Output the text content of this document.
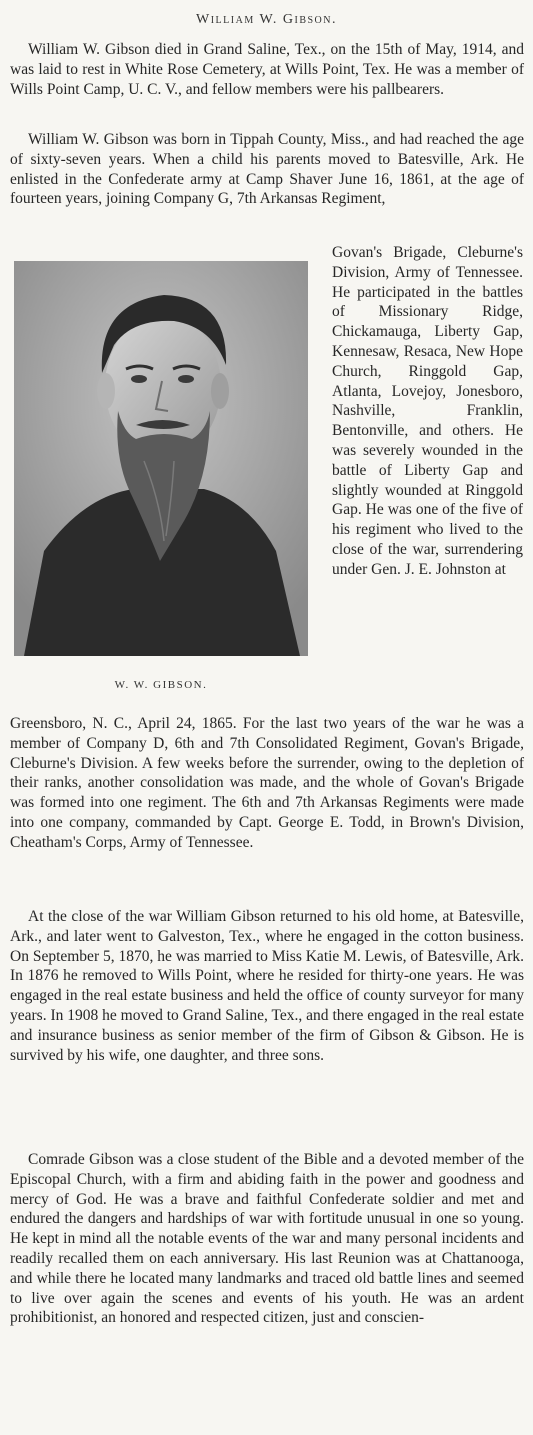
William W. Gibson.

William W. Gibson died in Grand Saline, Tex., on the 15th of May, 1914, and was laid to rest in White Rose Cemetery, at Wills Point, Tex. He was a member of Wills Point Camp, U. C. V., and fellow members were his pallbearers.

William W. Gibson was born in Tippah County, Miss., and had reached the age of sixty-seven years. When a child his parents moved to Batesville, Ark. He enlisted in the Confederate army at Camp Shaver June 16, 1861, at the age of fourteen years, joining Company G, 7th Arkansas Regiment,

W. W. GIBSON.
Govan's Brigade, Cleburne's Division, Army of Tennessee. He participated in the battles of Missionary Ridge, Chickamauga, Liberty Gap, Kennesaw, Resaca, New Hope Church, Ringgold Gap, Atlanta, Lovejoy, Jonesboro, Nashville, Franklin, Bentonville, and others. He was severely wounded in the battle of Liberty Gap and slightly wounded at Ringgold Gap. He was one of the five of his regiment who lived to the close of the war, surrendering under Gen. J. E. Johnston at

Greensboro, N. C., April 24, 1865. For the last two years of the war he was a member of Company D, 6th and 7th Consolidated Regiment, Govan's Brigade, Cleburne's Division. A few weeks before the surrender, owing to the depletion of their ranks, another consolidation was made, and the whole of Govan's Brigade was formed into one regiment. The 6th and 7th Arkansas Regiments were made into one company, commanded by Capt. George E. Todd, in Brown's Division, Cheatham's Corps, Army of Tennessee.

At the close of the war William Gibson returned to his old home, at Batesville, Ark., and later went to Galveston, Tex., where he engaged in the cotton business. On September 5, 1870, he was married to Miss Katie M. Lewis, of Batesville, Ark. In 1876 he removed to Wills Point, where he resided for thirty-one years. He was engaged in the real estate business and held the office of county surveyor for many years. In 1908 he moved to Grand Saline, Tex., and there engaged in the real estate and insurance business as senior member of the firm of Gibson & Gibson. He is survived by his wife, one daughter, and three sons.

Comrade Gibson was a close student of the Bible and a devoted member of the Episcopal Church, with a firm and abiding faith in the power and goodness and mercy of God. He was a brave and faithful Confederate soldier and met and endured the dangers and hardships of war with fortitude unusual in one so young. He kept in mind all the notable events of the war and many personal incidents and readily recalled them on each anniversary. His last Reunion was at Chattanooga, and while there he located many landmarks and traced old battle lines and seemed to live over again the scenes and events of his youth. He was an ardent prohibitionist, an honored and respected citizen, just and conscien-
